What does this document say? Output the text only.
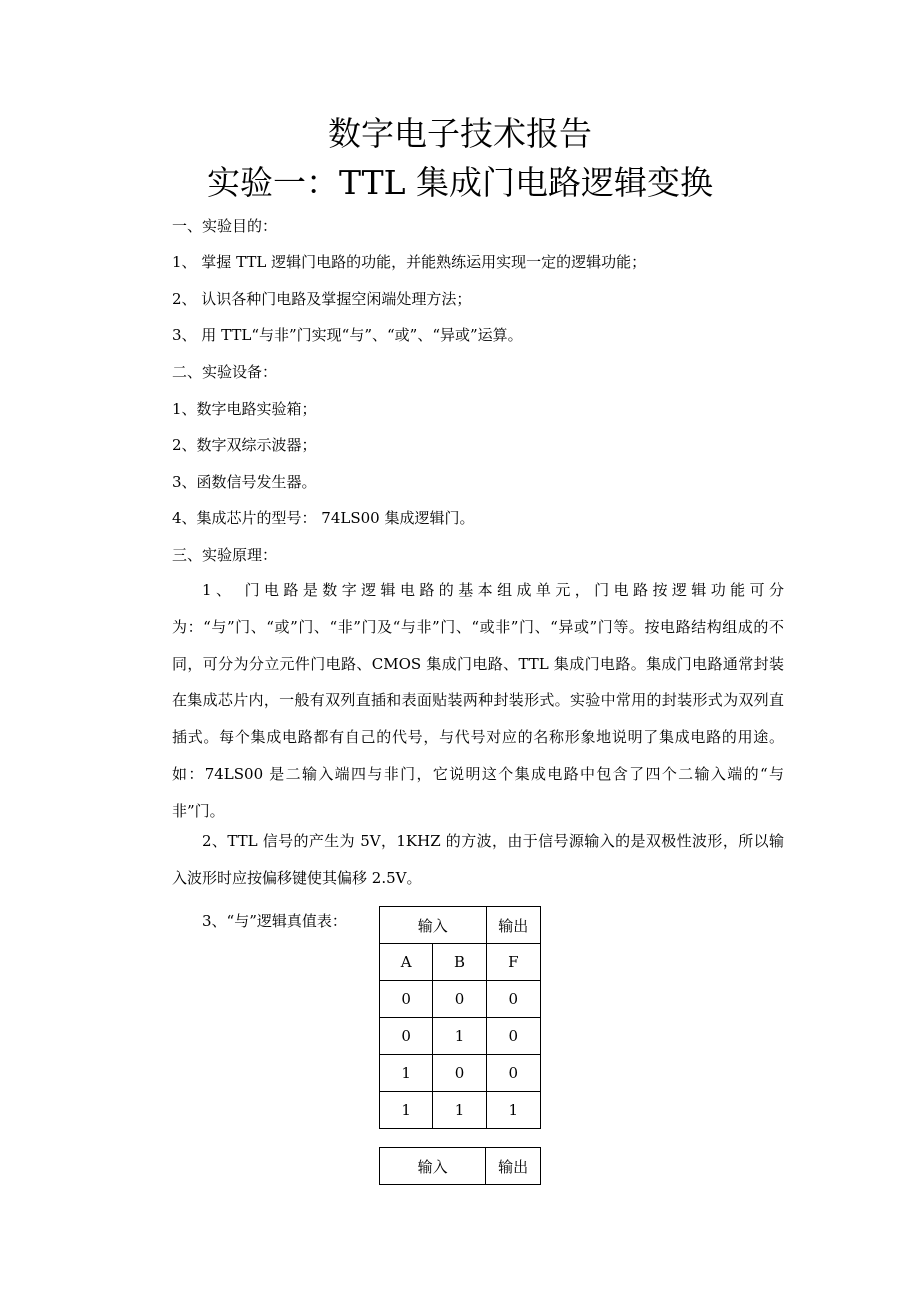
数字电子技术报告
实验一：TTL 集成门电路逻辑变换
一、实验目的：
1、 掌握 TTL 逻辑门电路的功能，并能熟练运用实现一定的逻辑功能；
2、 认识各种门电路及掌握空闲端处理方法；
3、 用 TTL“与非”门实现“与”、“或”、“异或”运算。
二、实验设备：
1、数字电路实验箱；
2、数字双综示波器；
3、函数信号发生器。
4、集成芯片的型号： 74LS00 集成逻辑门。
三、实验原理：
1、 门电路是数字逻辑电路的基本组成单元，门电路按逻辑功能可分为：“与”门、“或”门、“非”门及“与非”门、“或非”门、“异或”门等。按电路结构组成的不同，可分为分立元件门电路、CMOS 集成门电路、TTL 集成门电路。集成门电路通常封装在集成芯片内，一般有双列直插和表面贴装两种封装形式。实验中常用的封装形式为双列直插式。每个集成电路都有自己的代号，与代号对应的名称形象地说明了集成电路的用途。如：74LS00 是二输入端四与非门，它说明这个集成电路中包含了四个二输入端的“与非”门。
2、TTL 信号的产生为 5V，1KHZ 的方波，由于信号源输入的是双极性波形，所以输入波形时应按偏移键使其偏移 2.5V。
3、“与”逻辑真值表：	输入		输出
A	B	F
0	0	0
0	1	0
1	0	0
1	1	1
输入	输出
